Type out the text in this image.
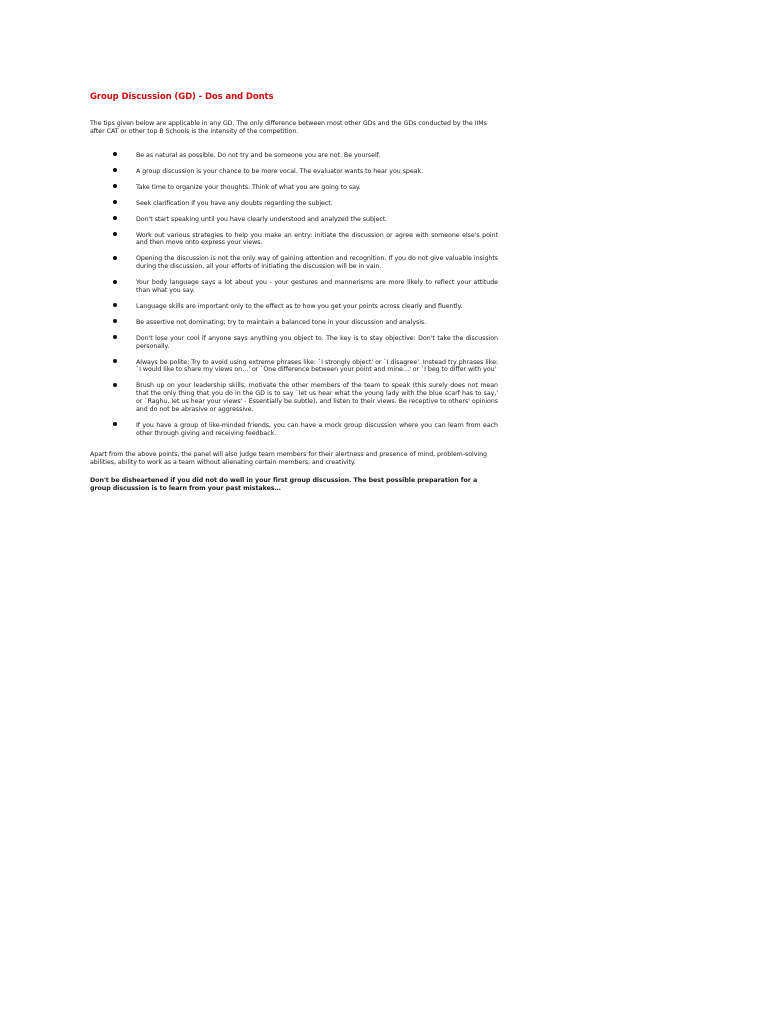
Group Discussion (GD) - Dos and Donts

The tips given below are applicable in any GD. The only difference between most other GDs and the GDs conducted by the IIMs after CAT or other top B Schools is the intensity of the competition.

Be as natural as possible. Do not try and be someone you are not. Be yourself.
A group discussion is your chance to be more vocal. The evaluator wants to hear you speak.
Take time to organize your thoughts. Think of what you are going to say.
Seek clarification if you have any doubts regarding the subject.
Don't start speaking until you have clearly understood and analyzed the subject.
Work out various strategies to help you make an entry: initiate the discussion or agree with someone else's point and then move onto express your views.
Opening the discussion is not the only way of gaining attention and recognition. If you do not give valuable insights during the discussion, all your efforts of initiating the discussion will be in vain.
Your body language says a lot about you - your gestures and mannerisms are more likely to reflect your attitude than what you say.
Language skills are important only to the effect as to how you get your points across clearly and fluently.
Be assertive not dominating; try to maintain a balanced tone in your discussion and analysis.
Don't lose your cool if anyone says anything you object to. The key is to stay objective: Don't take the discussion personally.
Always be polite: Try to avoid using extreme phrases like: `I strongly object' or `I disagree'. Instead try phrases like: `I would like to share my views on…' or `One difference between your point and mine…' or `I beg to differ with you'
Brush up on your leadership skills; motivate the other members of the team to speak (this surely does not mean that the only thing that you do in the GD is to say `let us hear what the young lady with the blue scarf has to say,' or `Raghu, let us hear your views' - Essentially be subtle), and listen to their views. Be receptive to others' opinions and do not be abrasive or aggressive.
If you have a group of like-minded friends, you can have a mock group discussion where you can learn from each other through giving and receiving feedback.

Apart from the above points, the panel will also judge team members for their alertness and presence of mind, problem-solving abilities, ability to work as a team without alienating certain members, and creativity.

Don't be disheartened if you did not do well in your first group discussion. The best possible preparation for a group discussion is to learn from your past mistakes…
